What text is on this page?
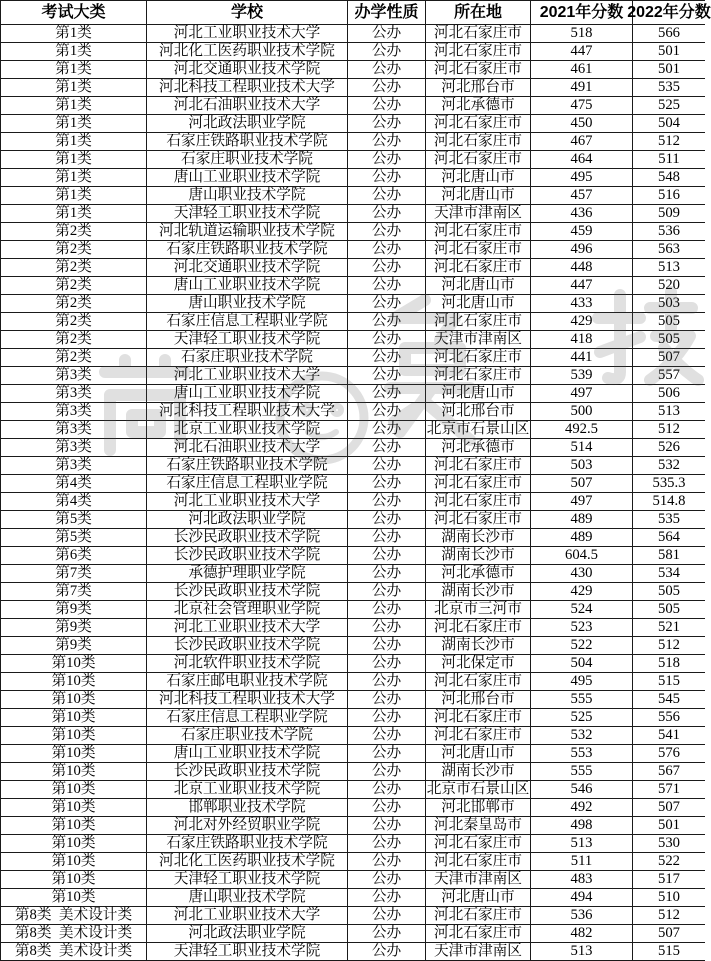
考试大类	学校	办学性质	所在地	2021年分数 2022年分数
第1类	河北工业职业技术大学	公办	河北石家庄市	518	566
第1类	河北化工医药职业技术学院	公办	河北石家庄市	447	501
第1类	河北交通职业技术学院	公办	河北石家庄市	461	501
第1类	河北科技工程职业技术大学	公办	河北邢台市	491	535
第1类	河北石油职业技术大学	公办	河北承德市	475	525
第1类	河北政法职业学院	公办	河北石家庄市	450	504
第1类	石家庄铁路职业技术学院	公办	河北石家庄市	467	512
第1类	石家庄职业技术学院	公办	河北石家庄市	464	511
第1类	唐山工业职业技术学院	公办	河北唐山市	495	548
第1类	唐山职业技术学院	公办	河北唐山市	457	516
第1类	天津轻工职业技术学院	公办	天津市津南区	436	509
第2类	河北轨道运输职业技术学院	公办	河北石家庄市	459	536
第2类	石家庄铁路职业技术学院	公办	河北石家庄市	496	563
第2类	河北交通职业技术学院	公办	河北石家庄市	448	513
第2类	唐山工业职业技术学院	公办	河北唐山市	447	520
第2类	唐山职业技术学院	公办	河北唐山市	433	503
第2类	石家庄信息工程职业学院	公办	河北石家庄市	429	505
第2类	天津轻工职业技术学院	公办	天津市津南区	418	505
第2类	石家庄职业技术学院	公办	河北石家庄市	441	507
第3类	河北工业职业技术大学	公办	河北石家庄市	539	557
第3类	唐山工业职业技术学院	公办	河北唐山市	497	506
第3类	河北科技工程职业技术大学	公办	河北邢台市	500	513
第3类	北京工业职业技术学院	公办	北京市石景山区	492.5	512
第3类	河北石油职业技术大学	公办	河北承德市	514	526
第3类	石家庄铁路职业技术学院	公办	河北石家庄市	503	532
第4类	石家庄信息工程职业学院	公办	河北石家庄市	507	535.3
第4类	河北工业职业技术大学	公办	河北石家庄市	497	514.8
第5类	河北政法职业学院	公办	河北石家庄市	489	535
第5类	长沙民政职业技术学院	公办	湖南长沙市	489	564
第6类	长沙民政职业技术学院	公办	湖南长沙市	604.5	581
第7类	承德护理职业学院	公办	河北承德市	430	534
第7类	长沙民政职业技术学院	公办	湖南长沙市	429	505
第9类	北京社会管理职业学院	公办	北京市三河市	524	505
第9类	河北工业职业技术大学	公办	河北石家庄市	523	521
第9类	长沙民政职业技术学院	公办	湖南长沙市	522	512
第10类	河北软件职业技术学院	公办	河北保定市	504	518
第10类	石家庄邮电职业技术学院	公办	河北石家庄市	495	515
第10类	河北科技工程职业技术大学	公办	河北邢台市	555	545
第10类	石家庄信息工程职业学院	公办	河北石家庄市	525	556
第10类	石家庄职业技术学院	公办	河北石家庄市	532	541
第10类	唐山工业职业技术学院	公办	河北唐山市	553	576
第10类	长沙民政职业技术学院	公办	湖南长沙市	555	567
第10类	北京工业职业技术学院	公办	北京市石景山区	546	571
第10类	邯郸职业技术学院	公办	河北邯郸市	492	507
第10类	河北对外经贸职业学院	公办	河北秦皇岛市	498	501
第10类	石家庄铁路职业技术学院	公办	河北石家庄市	513	530
第10类	河北化工医药职业技术学院	公办	河北石家庄市	511	522
第10类	天津轻工职业技术学院	公办	天津市津南区	483	517
第10类	唐山职业技术学院	公办	河北唐山市	494	510
第8类  美术设计类	河北工业职业技术大学	公办	河北石家庄市	536	512
第8类  美术设计类	河北政法职业学院	公办	河北石家庄市	482	507
第8类  美术设计类	天津轻工职业技术学院	公办	天津市津南区	513	515
